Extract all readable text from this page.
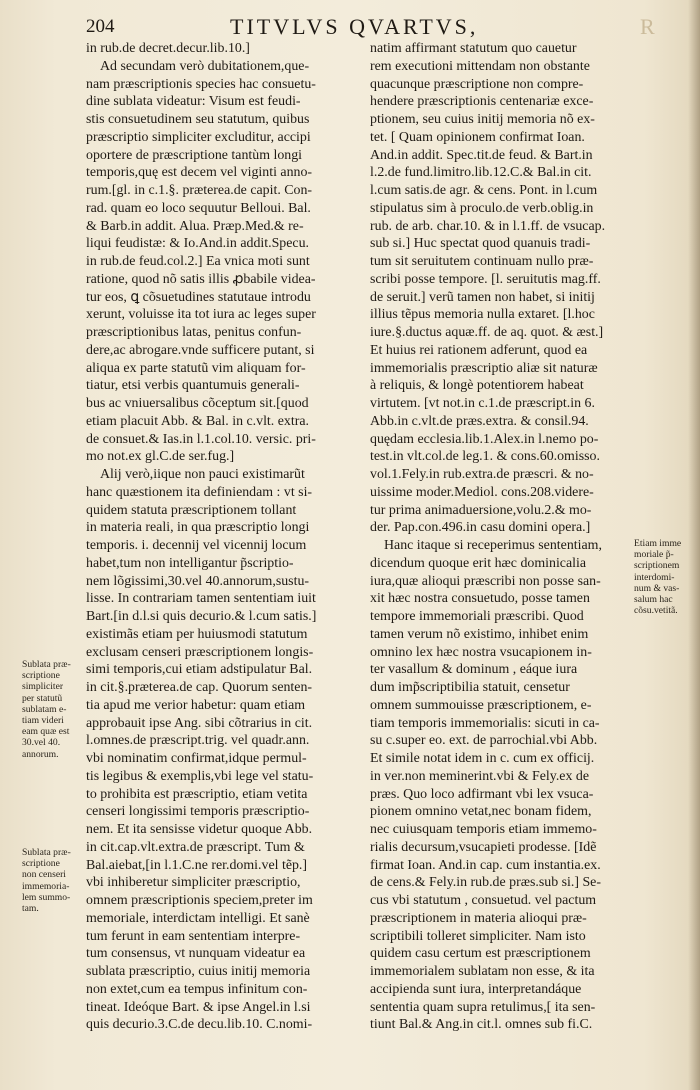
204	TITVLVS QVARTVS,	R
in rub.de decret.decur.lib.10.]
Ad secundam verò dubitationem,que-
nam præscriptionis species hac consuetu-
dine sublata videatur: Visum est feudi-
stis consuetudinem seu statutum, quibus
præscriptio simpliciter excluditur, accipi
oportere de præscriptione tantùm longi
temporis,quę est decem vel viginti anno-
rum.[gl. in c.1.§. præterea.de capit. Con-
rad. quam eo loco sequutur Belloui. Bal.
& Barb.in addit. Alua. Præp.Med.& re-
liqui feudistæ: & Io.And.in addit.Specu.
in rub.de feud.col.2.] Ea vnica moti sunt
ratione, quod nõ satis illis ꝓbabile videa-
tur eos, ꝗ cõsuetudines statutaue introdu
xerunt, voluisse ita tot iura ac leges super
præscriptionibus latas, penitus confun-
dere,ac abrogare.vnde sufficere putant, si
aliqua ex parte statutũ vim aliquam for-
tiatur, etsi verbis quantumuis generali-
bus ac vniuersalibus cõceptum sit.[quod
etiam placuit Abb. & Bal. in c.vlt. extra.
de consuet.& Ias.in l.1.col.10. versic. pri-
mo not.ex gl.C.de ser.fug.]
Alij verò,iique non pauci existimarũt
hanc quæstionem ita definiendam : vt si-
quidem statuta præscriptionem tollant
in materia reali, in qua præscriptio longi
temporis. i. decennij vel vicennij locum
habet,tum non intelligantur p̃scriptio-
nem lõgissimi,30.vel 40.annorum,sustu-
lisse. In contrariam tamen sententiam iuit
Bart.[in d.l.si quis decurio.& l.cum satis.]
existimãs etiam per huiusmodi statutum
exclusam censeri præscriptionem longis-
simi temporis,cui etiam adstipulatur Bal.
in cit.§.præterea.de cap. Quorum senten-
tia apud me verior habetur: quam etiam
approbauit ipse Ang. sibi cõtrarius in cit.
l.omnes.de præscript.trig. vel quadr.ann.
vbi nominatim confirmat,idque permul-
tis legibus & exemplis,vbi lege vel statu-
to prohibita est præscriptio, etiam vetita
censeri longissimi temporis præscriptio-
nem. Et ita sensisse videtur quoque Abb.
in cit.cap.vlt.extra.de præscript. Tum &
Bal.aiebat,[in l.1.C.ne rer.domi.vel tẽp.]
vbi inhiberetur simpliciter præscriptio,
omnem præscriptionis speciem,preter im
memoriale, interdictam intelligi. Et sanè
tum ferunt in eam sententiam interpre-
tum consensus, vt nunquam videatur ea
sublata præscriptio, cuius initij memoria
non extet,cum ea tempus infinitum con-
tineat. Ideóque Bart. & ipse Angel.in l.si
quis decurio.3.C.de decu.lib.10. C.nomi-
natim affirmant statutum quo cauetur
rem executioni mittendam non obstante
quacunque præscriptione non compre-
hendere præscriptionis centenariæ exce-
ptionem, seu cuius initij memoria nõ ex-
tet. [ Quam opinionem confirmat Ioan.
And.in addit. Spec.tit.de feud. & Bart.in
l.2.de fund.limitro.lib.12.C.& Bal.in cit.
l.cum satis.de agr. & cens. Pont. in l.cum
stipulatus sim à proculo.de verb.oblig.in
rub. de arb. char.10. & in l.1.ff. de vsucap.
sub si.] Huc spectat quod quanuis tradi-
tum sit seruitutem continuam nullo præ-
scribi posse tempore. [l. seruitutis mag.ff.
de seruit.] verũ tamen non habet, si initij
illius tẽpus memoria nulla extaret. [l.hoc
iure.§.ductus aquæ.ff. de aq. quot. & æst.]
Et huius rei rationem adferunt, quod ea
immemorialis præscriptio aliæ sit naturæ
à reliquis, & longè potentiorem habeat
virtutem. [vt not.in c.1.de præscript.in 6.
Abb.in c.vlt.de præs.extra. & consil.94.
quędam ecclesia.lib.1.Alex.in l.nemo po-
test.in vlt.col.de leg.1. & cons.60.omisso.
vol.1.Fely.in rub.extra.de præscri. & no-
uissime moder.Mediol. cons.208.videre-
tur prima animaduersione,volu.2.& mo-
der. Pap.con.496.in casu domini opera.]
Hanc itaque si receperimus sententiam,
dicendum quoque erit hæc dominicalia
iura,quæ alioqui præscribi non posse san-
xit hæc nostra consuetudo, posse tamen
tempore immemoriali præscribi. Quod
tamen verum nõ existimo, inhibet enim
omnino lex hæc nostra vsucapionem in-
ter vasallum & dominum , eáque iura
dum imp̃scriptibilia statuit, censetur
omnem summouisse præscriptionem, e-
tiam temporis immemorialis: sicuti in ca-
su c.super eo. ext. de parrochial.vbi Abb.
Et simile notat idem in c. cum ex officij.
in ver.non meminerint.vbi & Fely.ex de
præs. Quo loco adfirmant vbi lex vsuca-
pionem omnino vetat,nec bonam fidem,
nec cuiusquam temporis etiam immemo-
rialis decursum,vsucapieti prodesse. [Idẽ
firmat Ioan. And.in cap. cum instantia.ex.
de cens.& Fely.in rub.de præs.sub si.] Se-
cus vbi statutum , consuetud. vel pactum
præscriptionem in materia alioqui præ-
scriptibili tolleret simpliciter. Nam isto
quidem casu certum est præscriptionem
immemorialem sublatam non esse, & ita
accipienda sunt iura, interpretandáque
sententia quam supra retulimus,[ ita sen-
tiunt Bal.& Ang.in cit.l. omnes sub fi.C.
Sublata præ-
scriptione
simpliciter
per statutũ
sublatam e-
tiam videri
eam quæ est
30.vel 40.
annorum.
Sublata præ-
scriptione
non censeri
immemoria-
lem summo-
tam.
Etiam imme
moriale p̃-
scriptionem
interdomi-
num & vas-
salum hac
cõsu.vetitã.
